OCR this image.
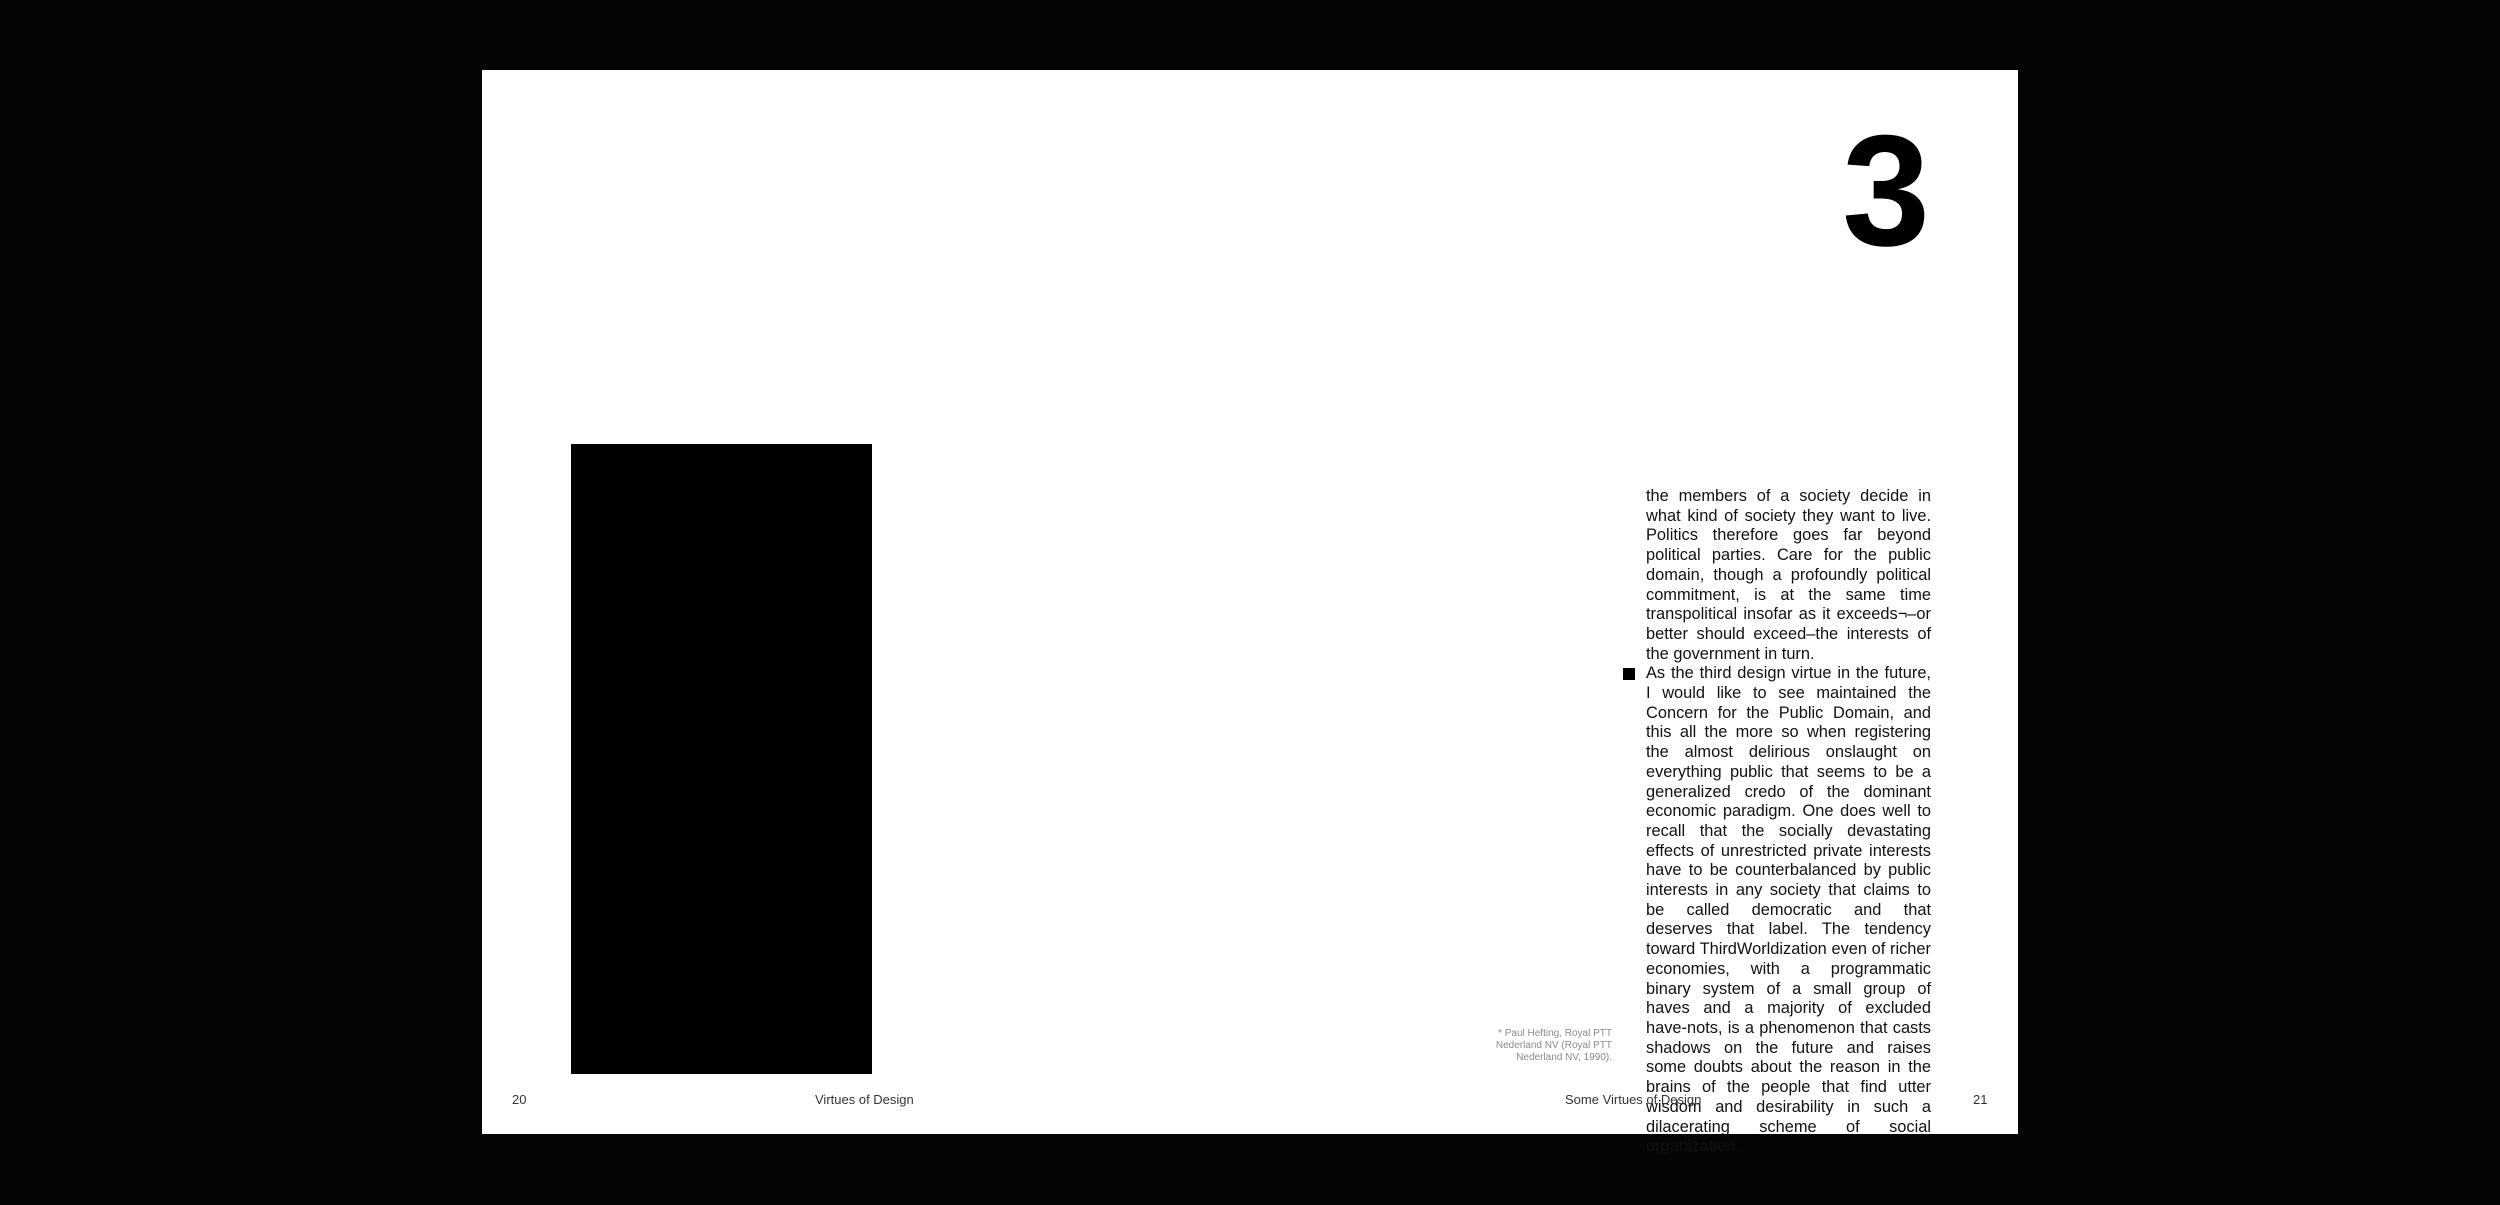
3

the members of a society decide in what kind of society they want to live. Politics therefore goes far beyond political parties. Care for the public domain, though a profoundly political commitment, is at the same time transpolitical insofar as it exceeds¬–or better should exceed–the interests of the government in turn.

As the third design virtue in the future, I would like to see maintained the Concern for the Public Domain, and this all the more so when registering the almost delirious onslaught on everything public that seems to be a generalized credo of the dominant economic paradigm. One does well to recall that the socially devastating effects of unrestricted private interests have to be counterbalanced by public interests in any society that claims to be called democratic and that deserves that label. The tendency toward ThirdWorldization even of richer economies, with a programmatic binary system of a small group of haves and a majority of excluded have-nots, is a phenomenon that casts shadows on the future and raises some doubts about the reason in the brains of the people that find utter wisdom and desirability in such a dilacerating scheme of social organization.

* Paul Hefting, Royal PTT Nederland NV (Royal PTT Nederland NV, 1990).

20	Virtues of Design	Some Virtues of Design	21
